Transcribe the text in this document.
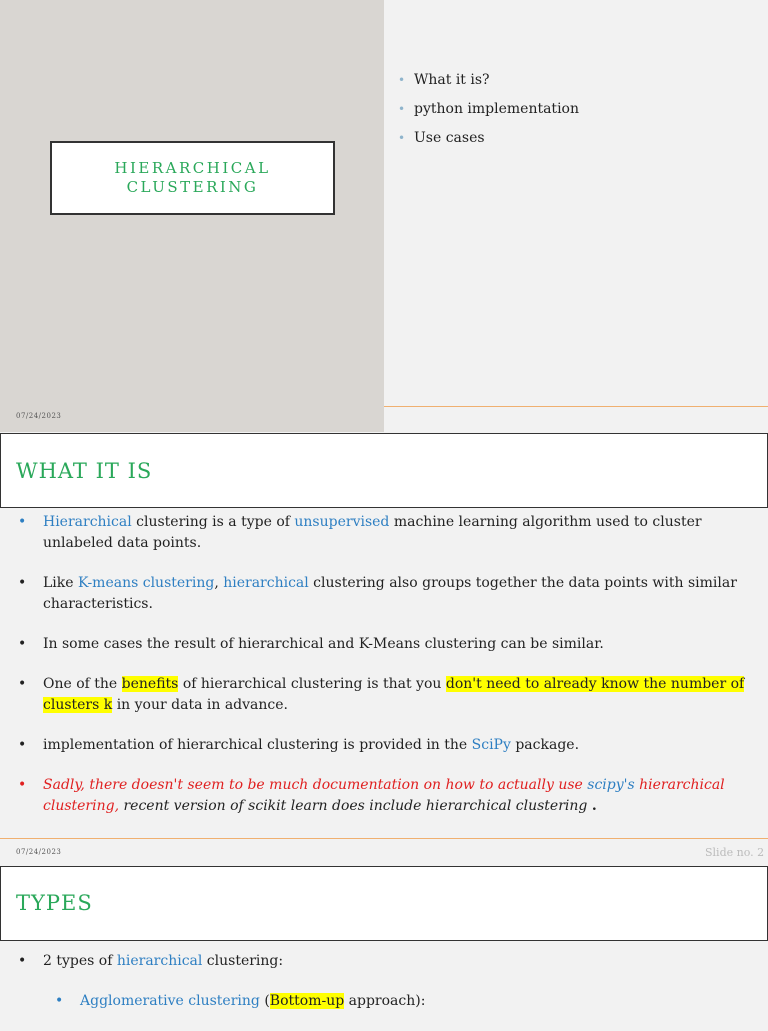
HIERARCHICAL
CLUSTERING
07/24/2023
• What it is?
• python implementation
• Use cases
WHAT IT IS
• Hierarchical clustering is a type of unsupervised machine learning algorithm used to cluster unlabeled data points.
• Like K-means clustering, hierarchical clustering also groups together the data points with similar characteristics.
• In some cases the result of hierarchical and K-Means clustering can be similar.
• One of the benefits of hierarchical clustering is that you don't need to already know the number of clusters k in your data in advance.
• implementation of hierarchical clustering is provided in the SciPy package.
• Sadly, there doesn't seem to be much documentation on how to actually use scipy's hierarchical clustering, recent version of scikit learn does include hierarchical clustering .
07/24/2023	Slide no. 2
TYPES
• 2 types of hierarchical clustering:
• Agglomerative clustering (Bottom-up approach):
